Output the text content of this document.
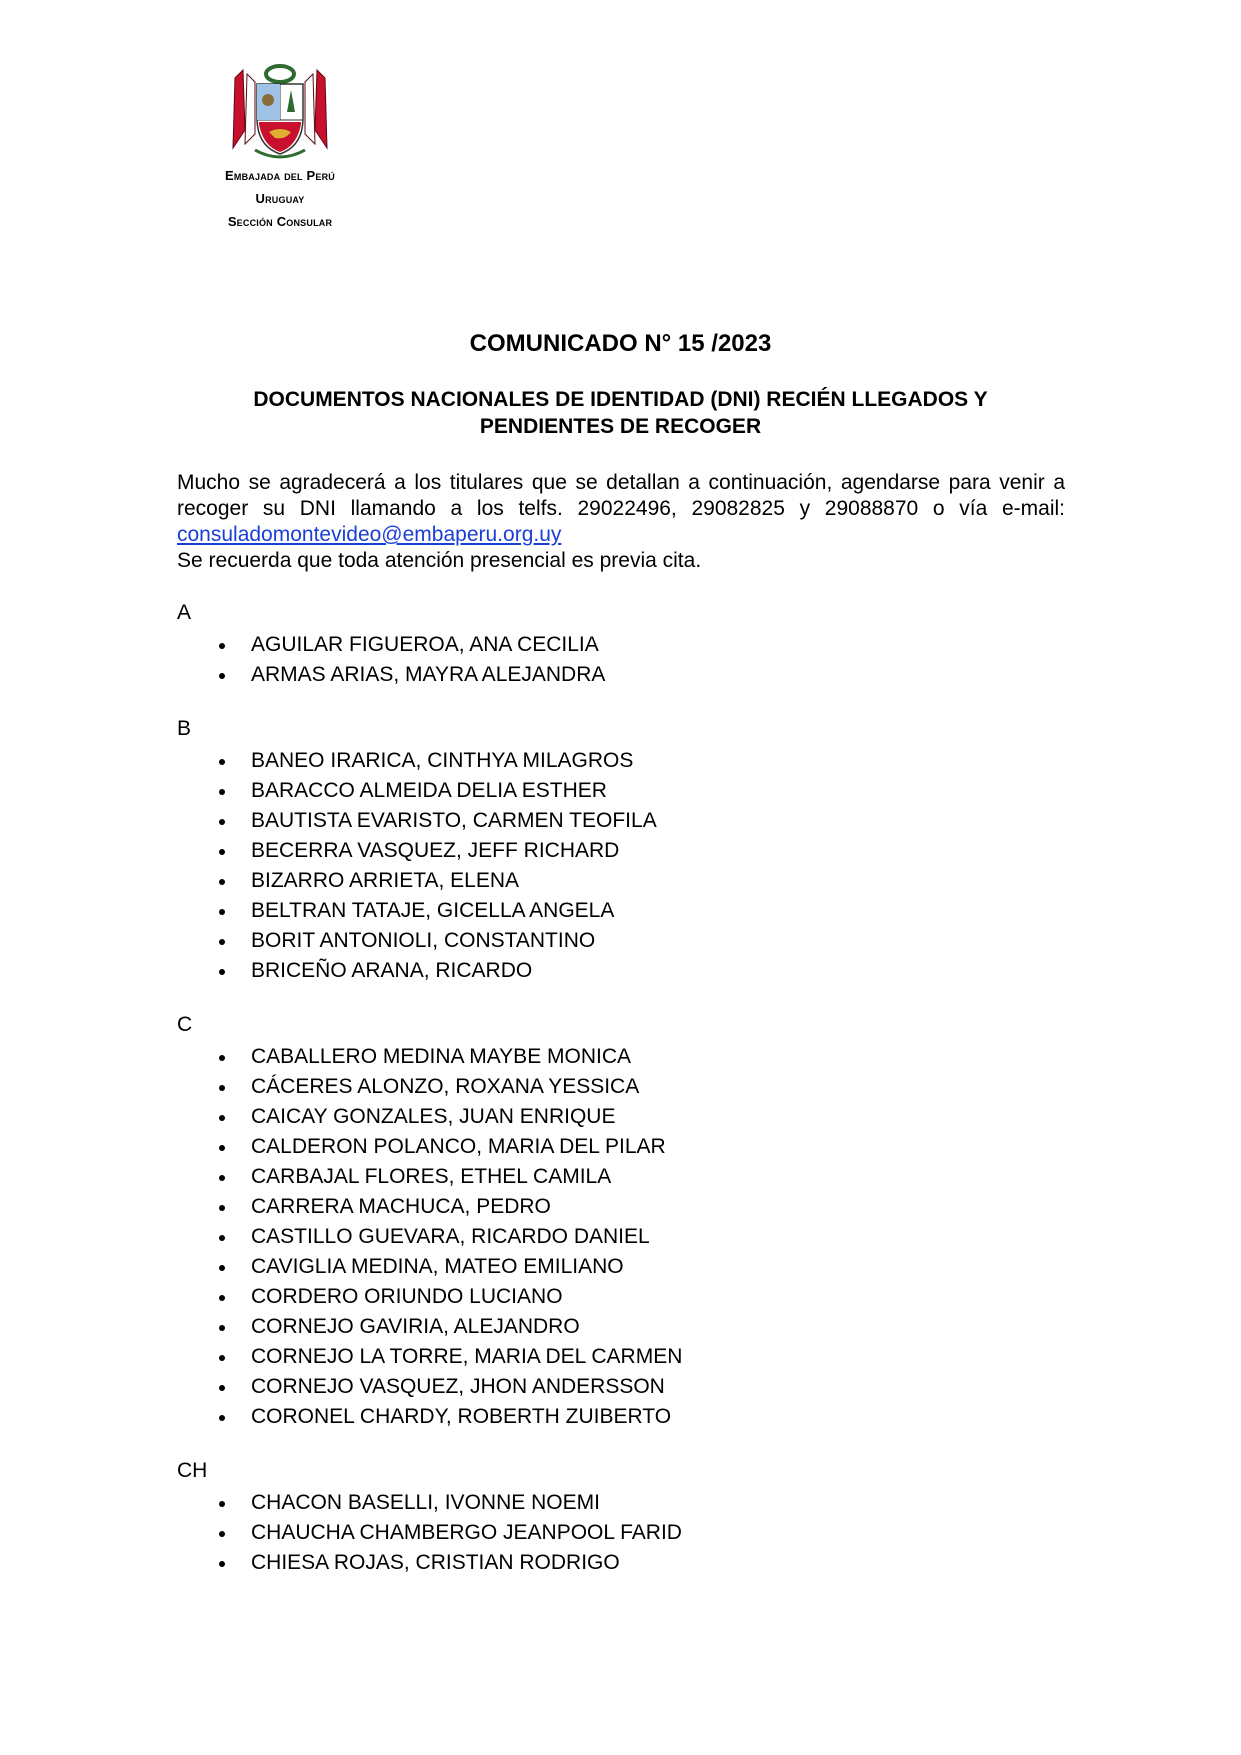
Embajada del Perú
Uruguay
Sección Consular
COMUNICADO N° 15 /2023
DOCUMENTOS NACIONALES DE IDENTIDAD (DNI) RECIÉN LLEGADOS Y PENDIENTES DE RECOGER
Mucho se agradecerá a los titulares que se detallan a continuación, agendarse para venir a recoger su DNI llamando a los telfs. 29022496, 29082825 y 29088870 o vía e-mail: consuladomontevideo@embaperu.org.uy
Se recuerda que toda atención presencial es previa cita.
A
AGUILAR FIGUEROA, ANA CECILIA
ARMAS ARIAS, MAYRA ALEJANDRA
B
BANEO IRARICA, CINTHYA MILAGROS
BARACCO ALMEIDA DELIA ESTHER
BAUTISTA EVARISTO, CARMEN TEOFILA
BECERRA VASQUEZ, JEFF RICHARD
BIZARRO ARRIETA, ELENA
BELTRAN TATAJE, GICELLA ANGELA
BORIT ANTONIOLI, CONSTANTINO
BRICEÑO ARANA, RICARDO
C
CABALLERO MEDINA MAYBE MONICA
CÁCERES ALONZO, ROXANA YESSICA
CAICAY GONZALES, JUAN ENRIQUE
CALDERON POLANCO, MARIA DEL PILAR
CARBAJAL FLORES, ETHEL CAMILA
CARRERA MACHUCA, PEDRO
CASTILLO GUEVARA, RICARDO DANIEL
CAVIGLIA MEDINA, MATEO EMILIANO
CORDERO ORIUNDO LUCIANO
CORNEJO GAVIRIA, ALEJANDRO
CORNEJO LA TORRE, MARIA DEL CARMEN
CORNEJO VASQUEZ, JHON ANDERSSON
CORONEL CHARDY, ROBERTH ZUIBERTO
CH
CHACON BASELLI, IVONNE NOEMI
CHAUCHA CHAMBERGO JEANPOOL FARID
CHIESA ROJAS, CRISTIAN RODRIGO
